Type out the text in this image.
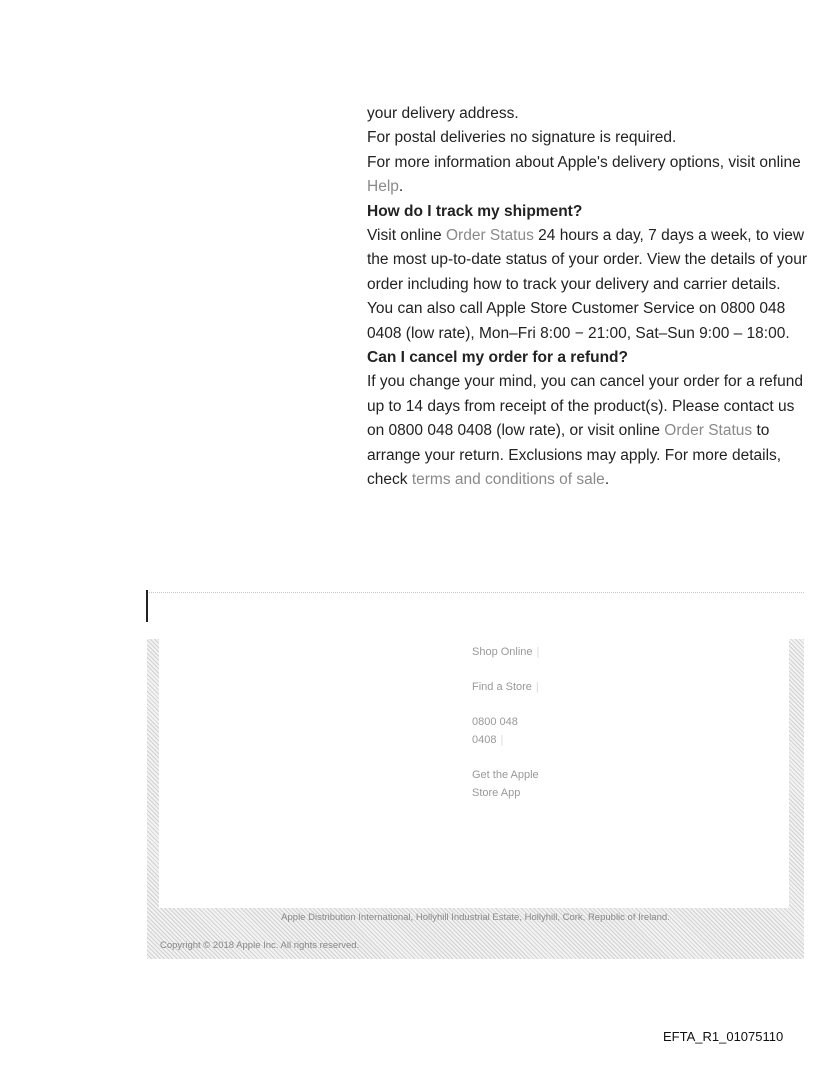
your delivery address.

For postal deliveries no signature is required.

For more information about Apple's delivery options, visit online Help.

How do I track my shipment?

Visit online Order Status 24 hours a day, 7 days a week, to view the most up-to-date status of your order. View the details of your order including how to track your delivery and carrier details.

You can also call Apple Store Customer Service on 0800 048 0408 (low rate), Mon–Fri 8:00 − 21:00, Sat–Sun 9:00 – 18:00.

Can I cancel my order for a refund?

If you change your mind, you can cancel your order for a refund up to 14 days from receipt of the product(s). Please contact us on 0800 048 0408 (low rate), or visit online Order Status to arrange your return. Exclusions may apply. For more details, check terms and conditions of sale.

Shop Online |
Find a Store |
0800 048 0408 |
Get the Apple Store App
Apple Distribution International, Hollyhill Industrial Estate, Hollyhill, Cork, Republic of Ireland.
Copyright © 2018 Apple Inc. All rights reserved.
EFTA_R1_01075110
